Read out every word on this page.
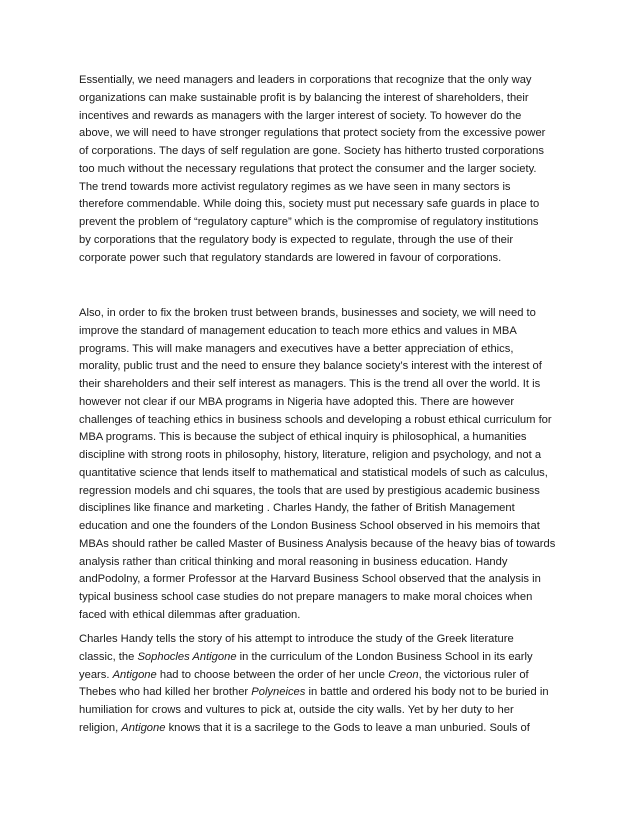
Essentially, we need managers and leaders in corporations that recognize that the only way
organizations can make sustainable profit is by balancing the interest of shareholders, their
incentives and rewards as managers with the larger interest of society. To however do the
above, we will need to have stronger regulations that protect society from the excessive power
of corporations. The days of self regulation are gone. Society has hitherto trusted corporations
too much without the necessary regulations that protect the consumer and the larger society.
The trend towards more activist regulatory regimes as we have seen in many sectors is
therefore commendable. While doing this, society must put necessary safe guards in place to
prevent the problem of “regulatory capture” which is the compromise of regulatory institutions
by corporations that the regulatory body is expected to regulate, through the use of their
corporate power such that regulatory standards are lowered in favour of corporations.
Also, in order to fix the broken trust between brands, businesses and society, we will need to
improve the standard of management education to teach more ethics and values in MBA
programs. This will make managers and executives have a better appreciation of ethics,
morality, public trust and the need to ensure they balance society’s interest with the interest of
their shareholders and their self interest as managers. This is the trend all over the world. It is
however not clear if our MBA programs in Nigeria have adopted this. There are however
challenges of teaching ethics in business schools and developing a robust ethical curriculum for
MBA programs. This is because the subject of ethical inquiry is philosophical, a humanities
discipline with strong roots in philosophy, history, literature, religion and psychology, and not a
quantitative science that lends itself to mathematical and statistical models of such as calculus,
regression models and chi squares, the tools that are used by prestigious academic business
disciplines like finance and marketing . Charles Handy, the father of British Management
education and one the founders of the London Business School observed in his memoirs that
MBAs should rather be called Master of Business Analysis because of the heavy bias of towards
analysis rather than critical thinking and moral reasoning in business education. Handy
andPodolny, a former Professor at the Harvard Business School observed that the analysis in
typical business school case studies do not prepare managers to make moral choices when
faced with ethical dilemmas after graduation.
Charles Handy tells the story of his attempt to introduce the study of the Greek literature
classic, the Sophocles Antigone in the curriculum of the London Business School in its early
years. Antigone had to choose between the order of her uncle Creon, the victorious ruler of
Thebes who had killed her brother Polyneices in battle and ordered his body not to be buried in
humiliation for crows and vultures to pick at, outside the city walls. Yet by her duty to her
religion, Antigone knows that it is a sacrilege to the Gods to leave a man unburied. Souls of
